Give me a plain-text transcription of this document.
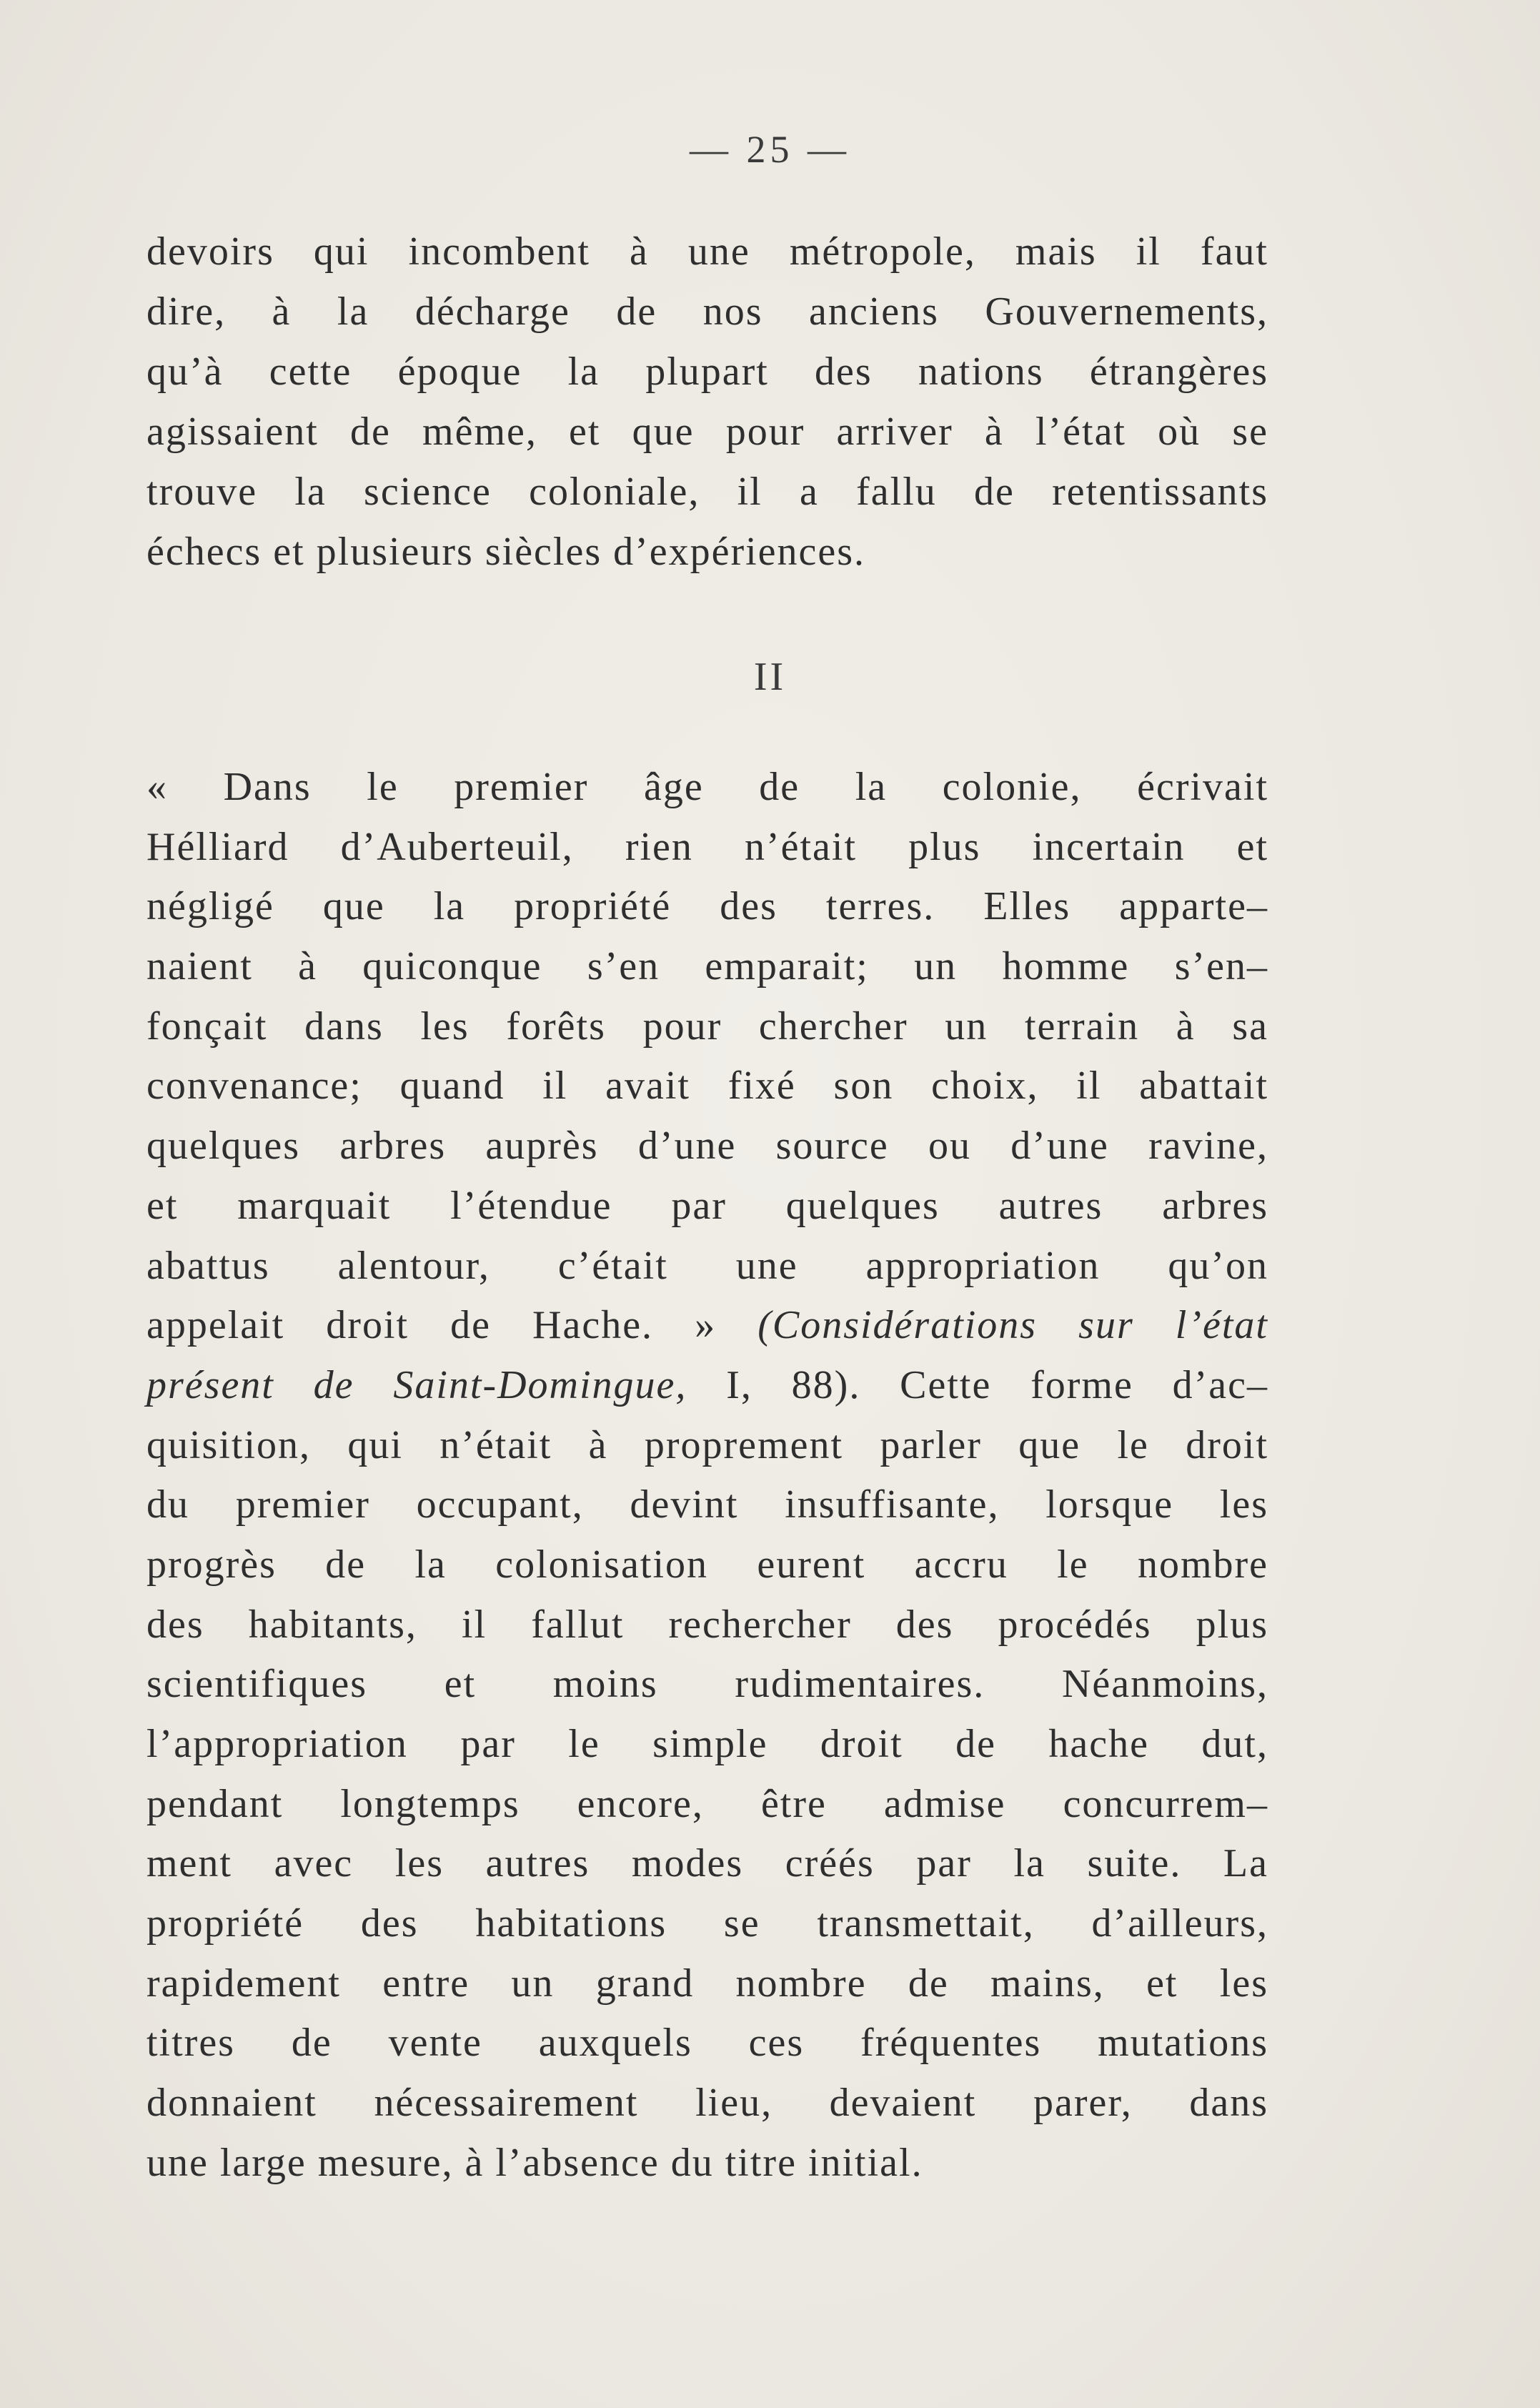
— 25 —
devoirs qui incombent à une métropole, mais il faut
dire, à la décharge de nos anciens Gouvernements,
qu’à cette époque la plupart des nations étrangères
agissaient de même, et que pour arriver à l’état où se
trouve la science coloniale, il a fallu de retentissants
échecs et plusieurs siècles d’expériences.
II
« Dans le premier âge de la colonie, écrivait
Hélliard d’Auberteuil, rien n’était plus incertain et
négligé que la propriété des terres. Elles apparte–
naient à quiconque s’en emparait; un homme s’en–
fonçait dans les forêts pour chercher un terrain à sa
convenance; quand il avait fixé son choix, il abattait
quelques arbres auprès d’une source ou d’une ravine,
et marquait l’étendue par quelques autres arbres
abattus alentour, c’était une appropriation qu’on
appelait droit de Hache. » (Considérations sur l’état
présent de Saint-Domingue, I, 88). Cette forme d’ac–
quisition, qui n’était à proprement parler que le droit
du premier occupant, devint insuffisante, lorsque les
progrès de la colonisation eurent accru le nombre
des habitants, il fallut rechercher des procédés plus
scientifiques et moins rudimentaires. Néanmoins,
l’appropriation par le simple droit de hache dut,
pendant longtemps encore, être admise concurrem–
ment avec les autres modes créés par la suite. La
propriété des habitations se transmettait, d’ailleurs,
rapidement entre un grand nombre de mains, et les
titres de vente auxquels ces fréquentes mutations
donnaient nécessairement lieu, devaient parer, dans
une large mesure, à l’absence du titre initial.
